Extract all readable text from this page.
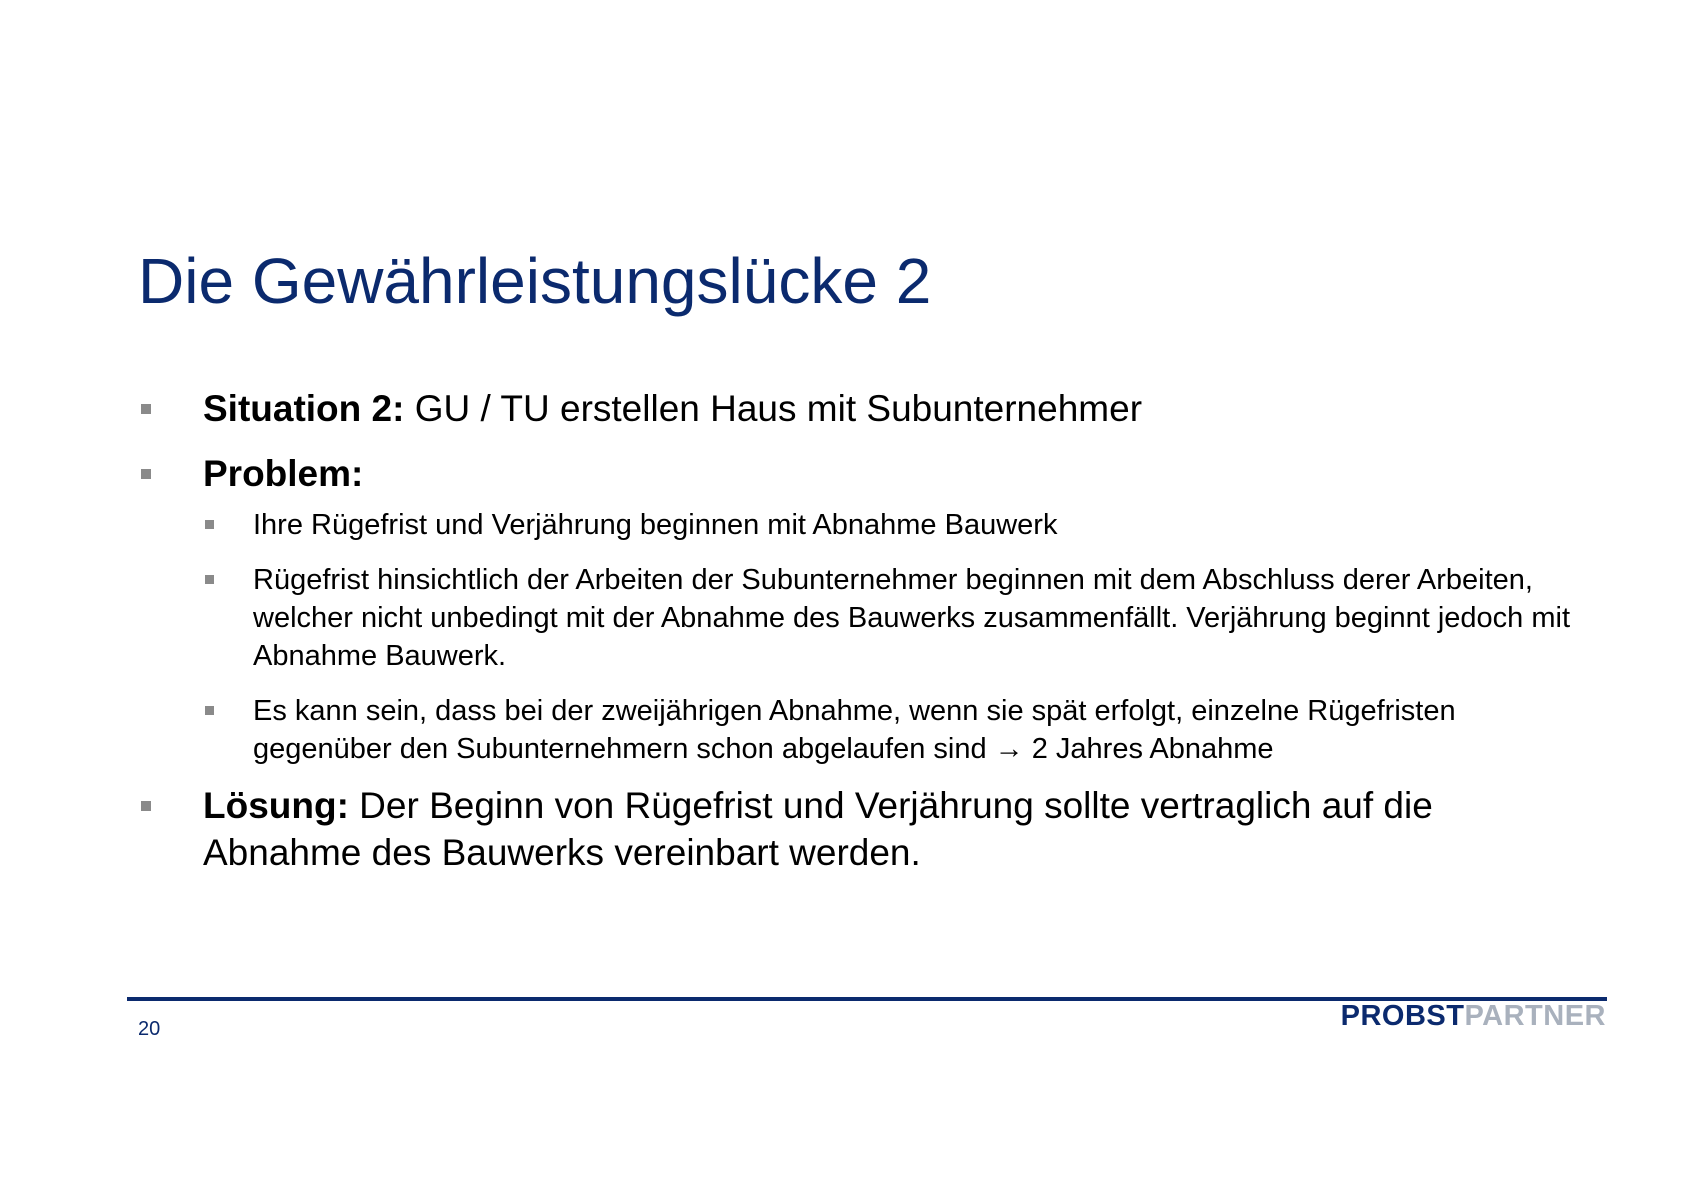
Die Gewährleistungslücke 2
Situation 2: GU / TU erstellen Haus mit Subunternehmer
Problem:
Ihre Rügefrist und Verjährung beginnen mit Abnahme Bauwerk
Rügefrist hinsichtlich der Arbeiten der Subunternehmer beginnen mit dem Abschluss derer Arbeiten, welcher nicht unbedingt mit der Abnahme des Bauwerks zusammenfällt. Verjährung beginnt jedoch mit Abnahme Bauwerk.
Es kann sein, dass bei der zweijährigen Abnahme, wenn sie spät erfolgt, einzelne Rügefristen gegenüber den Subunternehmern schon abgelaufen sind → 2 Jahres Abnahme
Lösung: Der Beginn von Rügefrist und Verjährung sollte vertraglich auf die Abnahme des Bauwerks vereinbart werden.
20	PROBSTPARTNER
